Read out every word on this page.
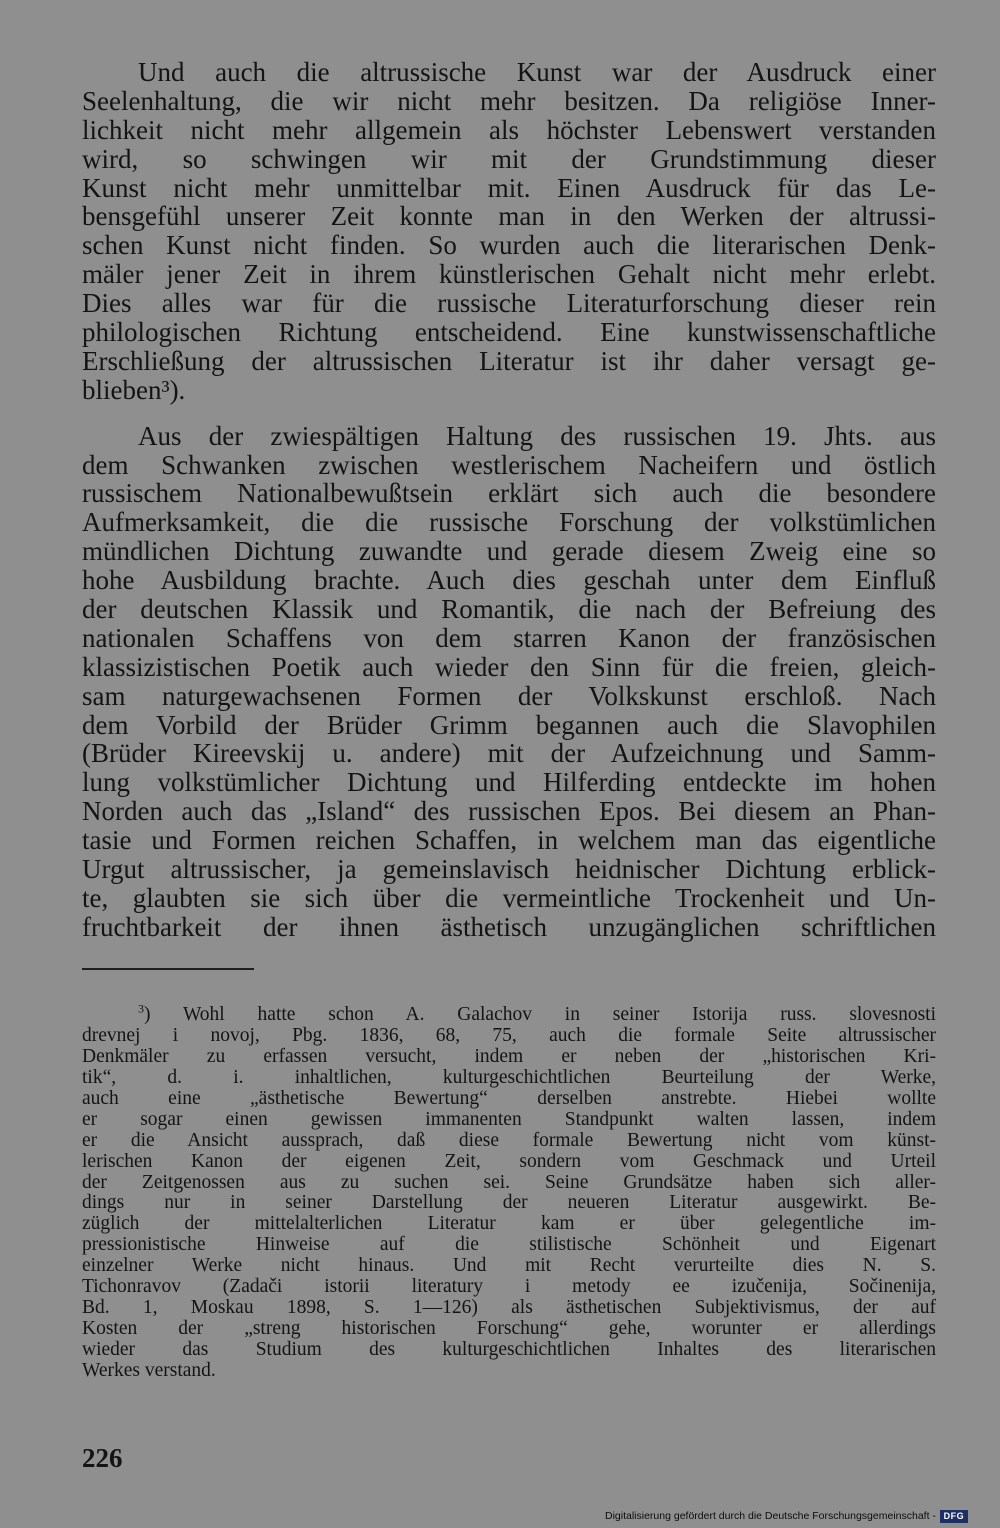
Und auch die altrussische Kunst war der Ausdruck einer
Seelenhaltung, die wir nicht mehr besitzen. Da religiöse Inner-
lichkeit nicht mehr allgemein als höchster Lebenswert verstanden
wird, so schwingen wir mit der Grundstimmung dieser
Kunst nicht mehr unmittelbar mit. Einen Ausdruck für das Le-
bensgefühl unserer Zeit konnte man in den Werken der altrussi-
schen Kunst nicht finden. So wurden auch die literarischen Denk-
mäler jener Zeit in ihrem künstlerischen Gehalt nicht mehr erlebt.
Dies alles war für die russische Literaturforschung dieser rein
philologischen Richtung entscheidend. Eine kunstwissenschaftliche
Erschließung der altrussischen Literatur ist ihr daher versagt ge-
blieben³).
Aus der zwiespältigen Haltung des russischen 19. Jhts. aus
dem Schwanken zwischen westlerischem Nacheifern und östlich
russischem Nationalbewußtsein erklärt sich auch die besondere
Aufmerksamkeit, die die russische Forschung der volkstümlichen
mündlichen Dichtung zuwandte und gerade diesem Zweig eine so
hohe Ausbildung brachte. Auch dies geschah unter dem Einfluß
der deutschen Klassik und Romantik, die nach der Befreiung des
nationalen Schaffens von dem starren Kanon der französischen
klassizistischen Poetik auch wieder den Sinn für die freien, gleich-
sam naturgewachsenen Formen der Volkskunst erschloß. Nach
dem Vorbild der Brüder Grimm begannen auch die Slavophilen
(Brüder Kireevskij u. andere) mit der Aufzeichnung und Samm-
lung volkstümlicher Dichtung und Hilferding entdeckte im hohen
Norden auch das „Island“ des russischen Epos. Bei diesem an Phan-
tasie und Formen reichen Schaffen, in welchem man das eigentliche
Urgut altrussischer, ja gemeinslavisch heidnischer Dichtung erblick-
te, glaubten sie sich über die vermeintliche Trockenheit und Un-
fruchtbarkeit der ihnen ästhetisch unzugänglichen schriftlichen
$^3$) Wohl hatte schon A. Galachov in seiner Istorija russ. slovesnosti
drevnej i novoj, Pbg. 1836, 68, 75, auch die formale Seite altrussischer
Denkmäler zu erfassen versucht, indem er neben der „historischen Kri-
tik“, d. i. inhaltlichen, kulturgeschichtlichen Beurteilung der Werke,
auch eine „ästhetische Bewertung“ derselben anstrebte. Hiebei wollte
er sogar einen gewissen immanenten Standpunkt walten lassen, indem
er die Ansicht aussprach, daß diese formale Bewertung nicht vom künst-
lerischen Kanon der eigenen Zeit, sondern vom Geschmack und Urteil
der Zeitgenossen aus zu suchen sei. Seine Grundsätze haben sich aller-
dings nur in seiner Darstellung der neueren Literatur ausgewirkt. Be-
züglich der mittelalterlichen Literatur kam er über gelegentliche im-
pressionistische Hinweise auf die stilistische Schönheit und Eigenart
einzelner Werke nicht hinaus. Und mit Recht verurteilte dies N. S.
Tichonravov (Zadači istorii literatury i metody ee izučenija, Sočinenija,
Bd. 1, Moskau 1898, S. 1—126) als ästhetischen Subjektivismus, der auf
Kosten der „streng historischen Forschung“ gehe, worunter er allerdings
wieder das Studium des kulturgeschichtlichen Inhaltes des literarischen
Werkes verstand.
226
Digitalisierung gefördert durch die Deutsche Forschungsgemeinschaft - DFG
